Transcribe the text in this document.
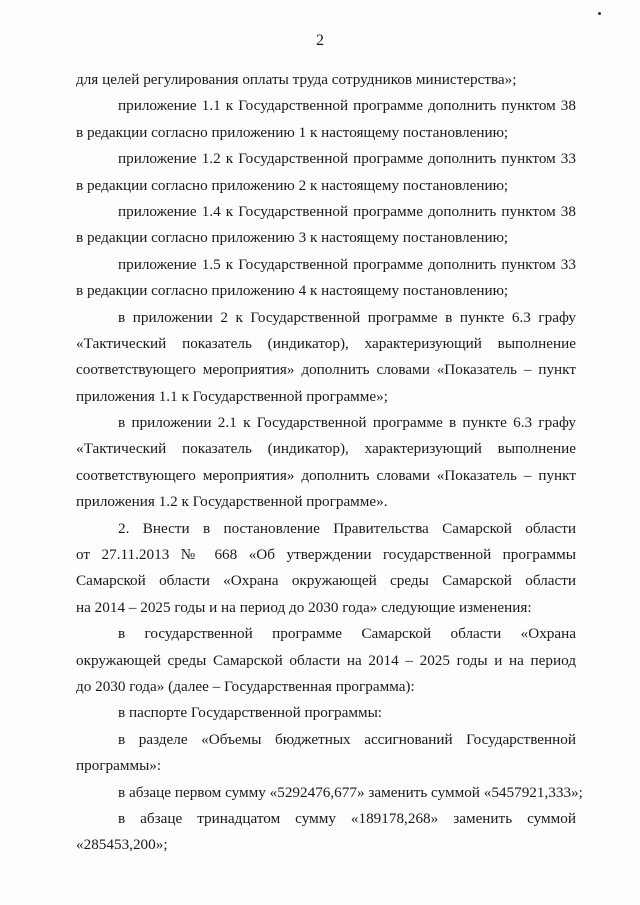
2
для целей регулирования оплаты труда сотрудников министерства»;
приложение 1.1 к Государственной программе дополнить пунктом 38
в редакции согласно приложению 1 к настоящему постановлению;
приложение 1.2 к Государственной программе дополнить пунктом 33
в редакции согласно приложению 2 к настоящему постановлению;
приложение 1.4 к Государственной программе дополнить пунктом 38
в редакции согласно приложению 3 к настоящему постановлению;
приложение 1.5 к Государственной программе дополнить пунктом 33
в редакции согласно приложению 4 к настоящему постановлению;
в приложении 2 к Государственной программе в пункте 6.3 графу
«Тактический показатель (индикатор), характеризующий выполнение
соответствующего мероприятия» дополнить словами «Показатель – пункт
приложения 1.1 к Государственной программе»;
в приложении 2.1 к Государственной программе в пункте 6.3 графу
«Тактический показатель (индикатор), характеризующий выполнение
соответствующего мероприятия» дополнить словами «Показатель – пункт
приложения 1.2 к Государственной программе».
2. Внести в постановление Правительства Самарской области
от 27.11.2013 № 668 «Об утверждении государственной программы
Самарской области «Охрана окружающей среды Самарской области
на 2014 – 2025 годы и на период до 2030 года» следующие изменения:
в государственной программе Самарской области «Охрана
окружающей среды Самарской области на 2014 – 2025 годы и на период
до 2030 года» (далее – Государственная программа):
в паспорте Государственной программы:
в разделе «Объемы бюджетных ассигнований Государственной
программы»:
в абзаце первом сумму «5292476,677» заменить суммой «5457921,333»;
в абзаце тринадцатом сумму «189178,268» заменить суммой
«285453,200»;
